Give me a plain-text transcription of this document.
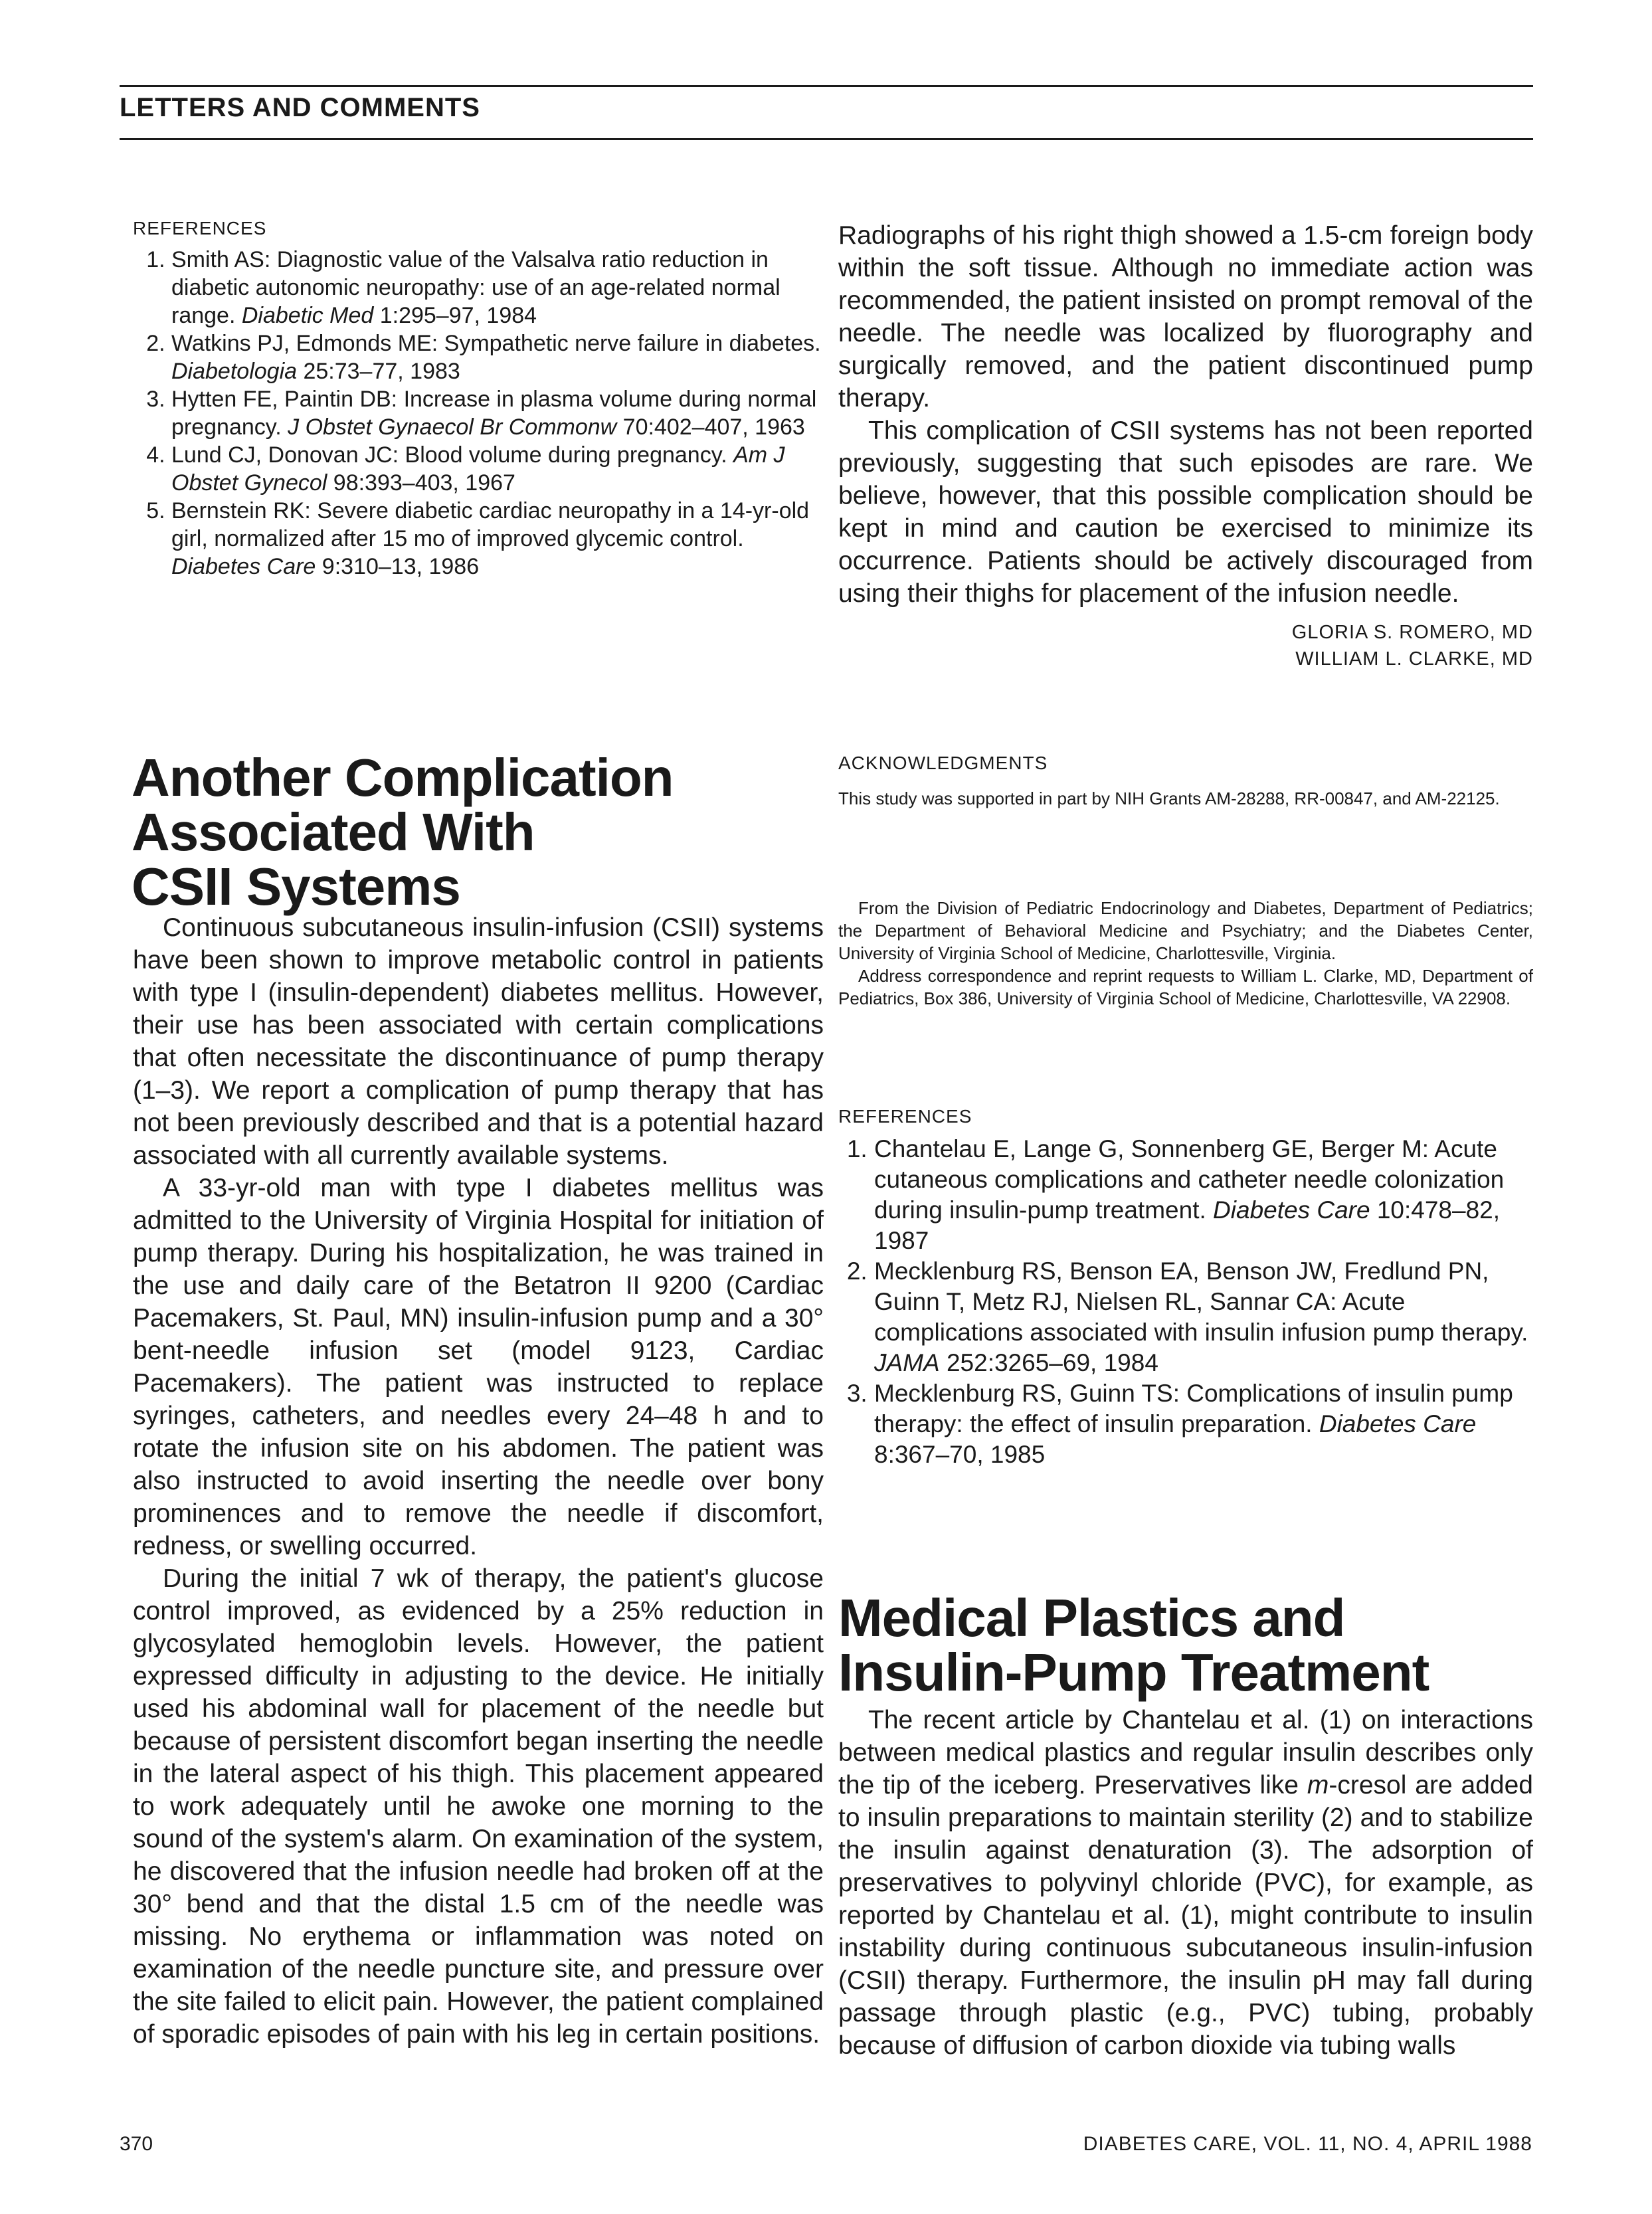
LETTERS AND COMMENTS
REFERENCES
1. Smith AS: Diagnostic value of the Valsalva ratio reduction in diabetic autonomic neuropathy: use of an age-related normal range. Diabetic Med 1:295–97, 1984
2. Watkins PJ, Edmonds ME: Sympathetic nerve failure in diabetes. Diabetologia 25:73–77, 1983
3. Hytten FE, Paintin DB: Increase in plasma volume during normal pregnancy. J Obstet Gynaecol Br Commonw 70:402–407, 1963
4. Lund CJ, Donovan JC: Blood volume during pregnancy. Am J Obstet Gynecol 98:393–403, 1967
5. Bernstein RK: Severe diabetic cardiac neuropathy in a 14-yr-old girl, normalized after 15 mo of improved glycemic control. Diabetes Care 9:310–13, 1986
Another Complication
Associated With
CSII Systems

Continuous subcutaneous insulin-infusion (CSII) systems have been shown to improve metabolic control in patients with type I (insulin-dependent) diabetes mellitus. However, their use has been associated with certain complications that often necessitate the discontinuance of pump therapy (1–3). We report a complication of pump therapy that has not been previously described and that is a potential hazard associated with all currently available systems.

A 33-yr-old man with type I diabetes mellitus was admitted to the University of Virginia Hospital for initiation of pump therapy. During his hospitalization, he was trained in the use and daily care of the Betatron II 9200 (Cardiac Pacemakers, St. Paul, MN) insulin-infusion pump and a 30° bent-needle infusion set (model 9123, Cardiac Pacemakers). The patient was instructed to replace syringes, catheters, and needles every 24–48 h and to rotate the infusion site on his abdomen. The patient was also instructed to avoid inserting the needle over bony prominences and to remove the needle if discomfort, redness, or swelling occurred.

During the initial 7 wk of therapy, the patient's glucose control improved, as evidenced by a 25% reduction in glycosylated hemoglobin levels. However, the patient expressed difficulty in adjusting to the device. He initially used his abdominal wall for placement of the needle but because of persistent discomfort began inserting the needle in the lateral aspect of his thigh. This placement appeared to work adequately until he awoke one morning to the sound of the system's alarm. On examination of the system, he discovered that the infusion needle had broken off at the 30° bend and that the distal 1.5 cm of the needle was missing. No erythema or inflammation was noted on examination of the needle puncture site, and pressure over the site failed to elicit pain. However, the patient complained of sporadic episodes of pain with his leg in certain positions.

Radiographs of his right thigh showed a 1.5-cm foreign body within the soft tissue. Although no immediate action was recommended, the patient insisted on prompt removal of the needle. The needle was localized by fluorography and surgically removed, and the patient discontinued pump therapy.

This complication of CSII systems has not been reported previously, suggesting that such episodes are rare. We believe, however, that this possible complication should be kept in mind and caution be exercised to minimize its occurrence. Patients should be actively discouraged from using their thighs for placement of the infusion needle.

GLORIA S. ROMERO, MD
WILLIAM L. CLARKE, MD
ACKNOWLEDGMENTS

This study was supported in part by NIH Grants AM-28288, RR-00847, and AM-22125.

From the Division of Pediatric Endocrinology and Diabetes, Department of Pediatrics; the Department of Behavioral Medicine and Psychiatry; and the Diabetes Center, University of Virginia School of Medicine, Charlottesville, Virginia.

Address correspondence and reprint requests to William L. Clarke, MD, Department of Pediatrics, Box 386, University of Virginia School of Medicine, Charlottesville, VA 22908.

REFERENCES
1. Chantelau E, Lange G, Sonnenberg GE, Berger M: Acute cutaneous complications and catheter needle colonization during insulin-pump treatment. Diabetes Care 10:478–82, 1987
2. Mecklenburg RS, Benson EA, Benson JW, Fredlund PN, Guinn T, Metz RJ, Nielsen RL, Sannar CA: Acute complications associated with insulin infusion pump therapy. JAMA 252:3265–69, 1984
3. Mecklenburg RS, Guinn TS: Complications of insulin pump therapy: the effect of insulin preparation. Diabetes Care 8:367–70, 1985
Medical Plastics and
Insulin-Pump Treatment

The recent article by Chantelau et al. (1) on interactions between medical plastics and regular insulin describes only the tip of the iceberg. Preservatives like m-cresol are added to insulin preparations to maintain sterility (2) and to stabilize the insulin against denaturation (3). The adsorption of preservatives to polyvinyl chloride (PVC), for example, as reported by Chantelau et al. (1), might contribute to insulin instability during continuous subcutaneous insulin-infusion (CSII) therapy. Furthermore, the insulin pH may fall during passage through plastic (e.g., PVC) tubing, probably because of diffusion of carbon dioxide via tubing walls

370	DIABETES CARE, VOL. 11, NO. 4, APRIL 1988
